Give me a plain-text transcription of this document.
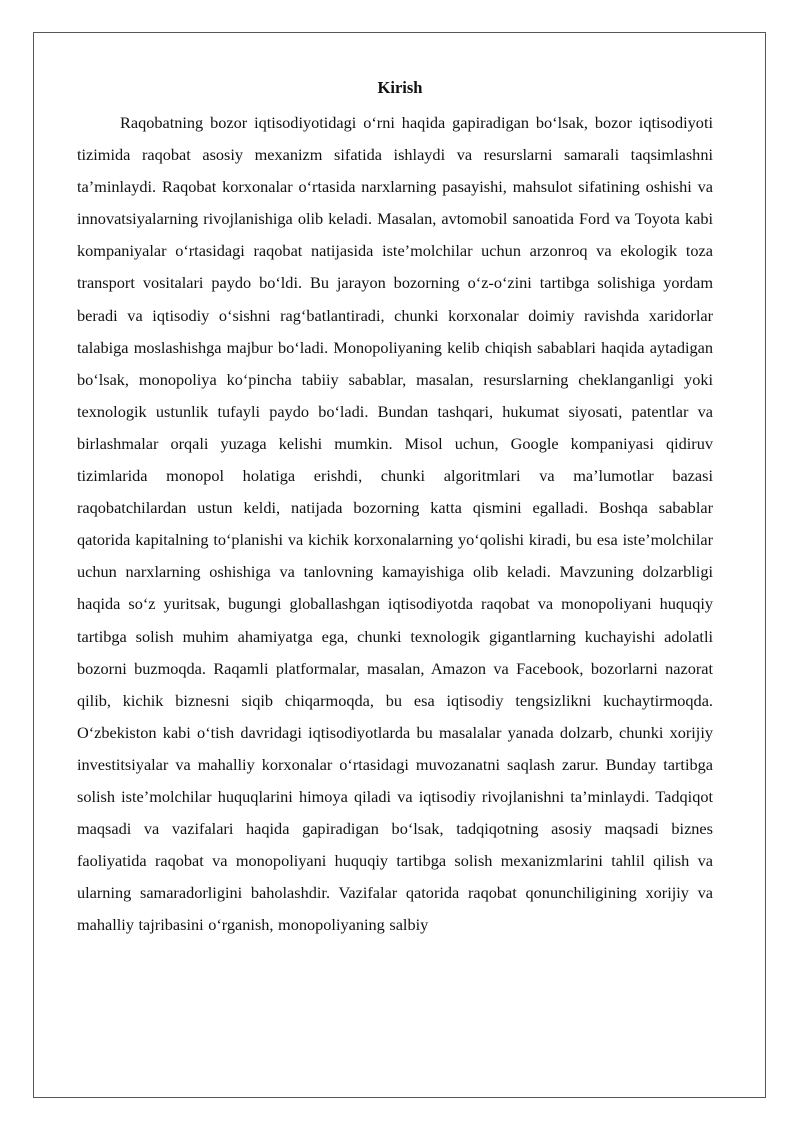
Kirish

Raqobatning bozor iqtisodiyotidagi o‘rni haqida gapiradigan bo‘lsak, bozor iqtisodiyoti tizimida raqobat asosiy mexanizm sifatida ishlaydi va resurslarni samarali taqsimlashni ta’minlaydi. Raqobat korxonalar o‘rtasida narxlarning pasayishi, mahsulot sifatining oshishi va innovatsiyalarning rivojlanishiga olib keladi. Masalan, avtomobil sanoatida Ford va Toyota kabi kompaniyalar o‘rtasidagi raqobat natijasida iste’molchilar uchun arzonroq va ekologik toza transport vositalari paydo bo‘ldi. Bu jarayon bozorning o‘z-o‘zini tartibga solishiga yordam beradi va iqtisodiy o‘sishni rag‘batlantiradi, chunki korxonalar doimiy ravishda xaridorlar talabiga moslashishga majbur bo‘ladi. Monopoliyaning kelib chiqish sabablari haqida aytadigan bo‘lsak, monopoliya ko‘pincha tabiiy sabablar, masalan, resurslarning cheklanganligi yoki texnologik ustunlik tufayli paydo bo‘ladi. Bundan tashqari, hukumat siyosati, patentlar va birlashmalar orqali yuzaga kelishi mumkin. Misol uchun, Google kompaniyasi qidiruv tizimlarida monopol holatiga erishdi, chunki algoritmlari va ma’lumotlar bazasi raqobatchilardan ustun keldi, natijada bozorning katta qismini egalladi. Boshqa sabablar qatorida kapitalning to‘planishi va kichik korxonalarning yo‘qolishi kiradi, bu esa iste’molchilar uchun narxlarning oshishiga va tanlovning kamayishiga olib keladi. Mavzuning dolzarbligi haqida so‘z yuritsak, bugungi globallashgan iqtisodiyotda raqobat va monopoliyani huquqiy tartibga solish muhim ahamiyatga ega, chunki texnologik gigantlarning kuchayishi adolatli bozorni buzmoqda. Raqamli platformalar, masalan, Amazon va Facebook, bozorlarni nazorat qilib, kichik biznesni siqib chiqarmoqda, bu esa iqtisodiy tengsizlikni kuchaytirmoqda. O‘zbekiston kabi o‘tish davridagi iqtisodiyotlarda bu masalalar yanada dolzarb, chunki xorijiy investitsiyalar va mahalliy korxonalar o‘rtasidagi muvozanatni saqlash zarur. Bunday tartibga solish iste’molchilar huquqlarini himoya qiladi va iqtisodiy rivojlanishni ta’minlaydi. Tadqiqot maqsadi va vazifalari haqida gapiradigan bo‘lsak, tadqiqotning asosiy maqsadi biznes faoliyatida raqobat va monopoliyani huquqiy tartibga solish mexanizmlarini tahlil qilish va ularning samaradorligini baholashdir. Vazifalar qatorida raqobat qonunchiligining xorijiy va mahalliy tajribasini o‘rganish, monopoliyaning salbiy
